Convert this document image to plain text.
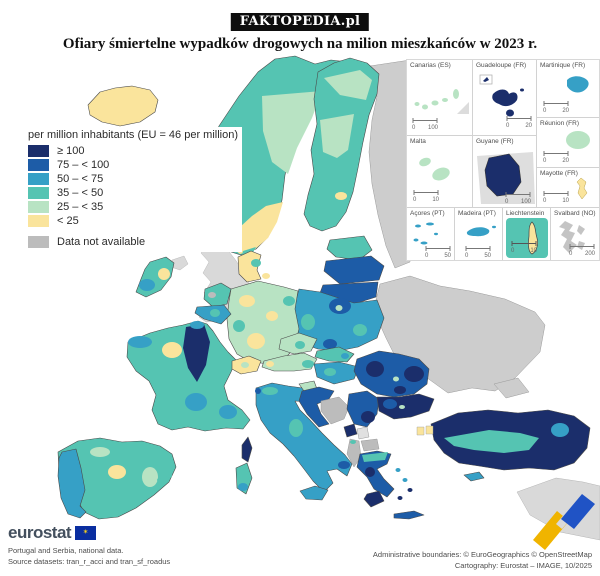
FAKTOPEDIA.pl
Ofiary śmiertelne wypadków drogowych na milion mieszkańców w 2023 r.
per million inhabitants (EU = 46 per million)
≥ 100
75 – < 100
50 – < 75
35 – < 50
25 – < 35
< 25
Data not available
Canarias (ES)
0 100
Guadeloupe (FR)
0	20
Martinique (FR)
0	20
Réunion (FR)
0	20
Mayotte (FR)
0	10
Malta
0	10
Guyane (FR)
0 100
Açores (PT)
0	50
Madeira (PT)
0	50
Liechtenstein
0	10
Svalbard (NO)
0 200
eurostat	✶
Portugal and Serbia, national data.
Source datasets: tran_r_acci and tran_sf_roadus
Administrative boundaries: © EuroGeographics © OpenStreetMap
Cartography: Eurostat – IMAGE, 10/2025
